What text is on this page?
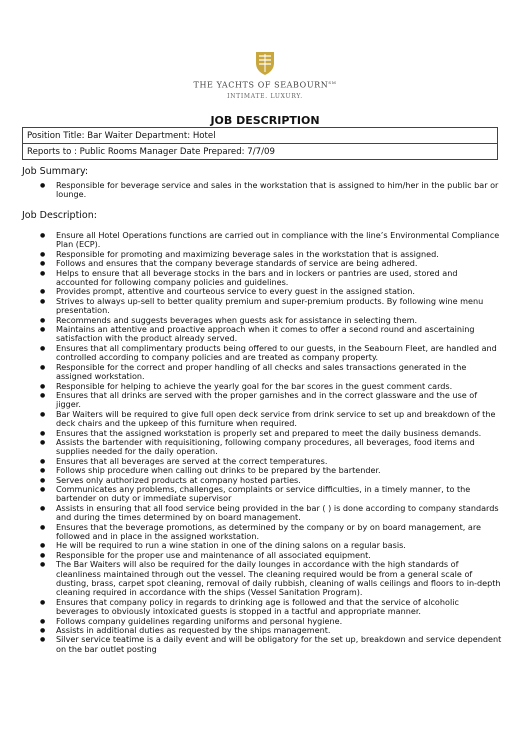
THE YACHTS OF SEABOURN℠
INTIMATE. LUXURY.
JOB DESCRIPTION
Position Title: Bar Waiter Department: Hotel
Reports to : Public Rooms Manager Date Prepared: 7/7/09
Job Summary:
● Responsible for beverage service and sales in the workstation that is assigned to him/her in the public bar or lounge.
Job Description:
● Ensure all Hotel Operations functions are carried out in compliance with the line’s Environmental Compliance Plan (ECP).
● Responsible for promoting and maximizing beverage sales in the workstation that is assigned.
● Follows and ensures that the company beverage standards of service are being adhered.
● Helps to ensure that all beverage stocks in the bars and in lockers or pantries are used, stored and accounted for following company policies and guidelines.
● Provides prompt, attentive and courteous service to every guest in the assigned station.
● Strives to always up-sell to better quality premium and super-premium products. By following wine menu presentation.
● Recommends and suggests beverages when guests ask for assistance in selecting them.
● Maintains an attentive and proactive approach when it comes to offer a second round and ascertaining satisfaction with the product already served.
● Ensures that all complimentary products being offered to our guests, in the Seabourn Fleet, are handled and controlled according to company policies and are treated as company property.
● Responsible for the correct and proper handling of all checks and sales transactions generated in the assigned workstation.
● Responsible for helping to achieve the yearly goal for the bar scores in the guest comment cards.
● Ensures that all drinks are served with the proper garnishes and in the correct glassware and the use of jigger.
● Bar Waiters will be required to give full open deck service from drink service to set up and breakdown of the deck chairs and the upkeep of this furniture when required.
● Ensures that the assigned workstation is properly set and prepared to meet the daily business demands.
● Assists the bartender with requisitioning, following company procedures, all beverages, food items and supplies needed for the daily operation.
● Ensures that all beverages are served at the correct temperatures.
● Follows ship procedure when calling out drinks to be prepared by the bartender.
● Serves only authorized products at company hosted parties.
● Communicates any problems, challenges, complaints or service difficulties, in a timely manner, to the bartender on duty or immediate supervisor
● Assists in ensuring that all food service being provided in the bar ( ) is done according to company standards and during the times determined by on board management.
● Ensures that the beverage promotions, as determined by the company or by on board management, are followed and in place in the assigned workstation.
● He will be required to run a wine station in one of the dining salons on a regular basis.
● Responsible for the proper use and maintenance of all associated equipment.
● The Bar Waiters will also be required for the daily lounges in accordance with the high standards of cleanliness maintained through out the vessel. The cleaning required would be from a general scale of dusting, brass, carpet spot cleaning, removal of daily rubbish, cleaning of walls ceilings and floors to in-depth cleaning required in accordance with the ships (Vessel Sanitation Program).
● Ensures that company policy in regards to drinking age is followed and that the service of alcoholic beverages to obviously intoxicated guests is stopped in a tactful and appropriate manner.
● Follows company guidelines regarding uniforms and personal hygiene.
● Assists in additional duties as requested by the ships management.
● Silver service teatime is a daily event and will be obligatory for the set up, breakdown and service dependent on the bar outlet posting
